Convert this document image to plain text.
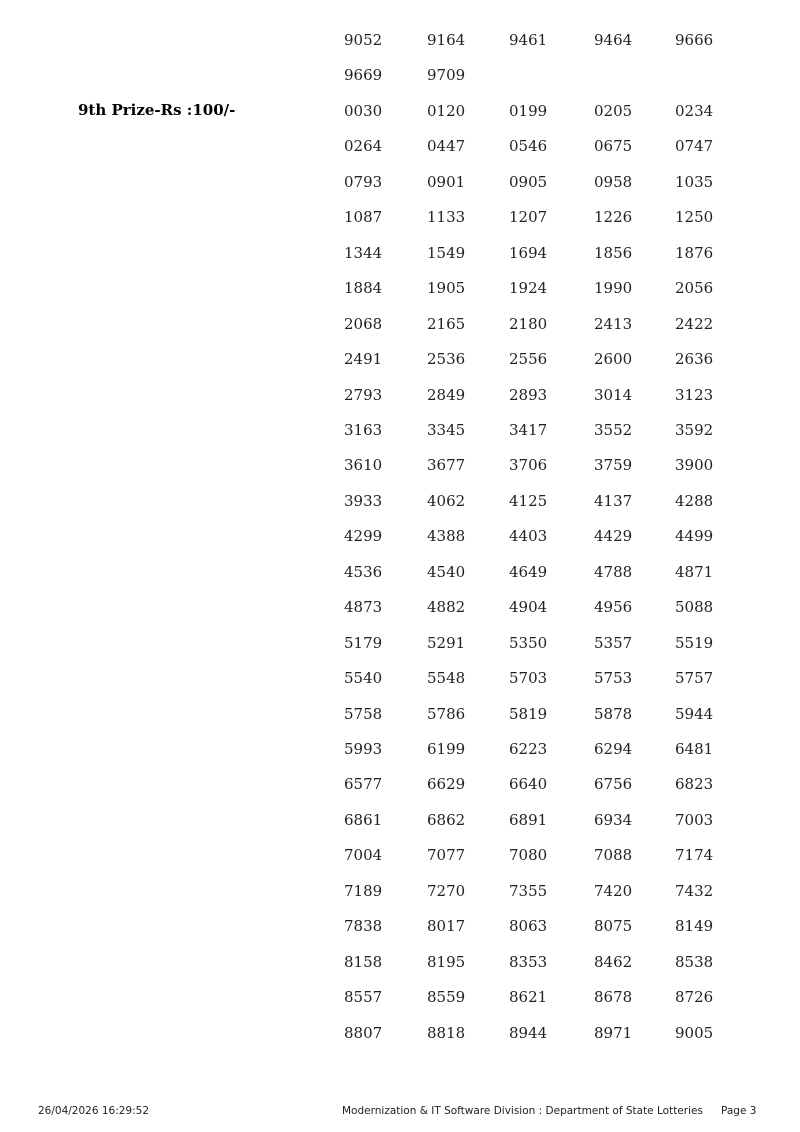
9th Prize-Rs :100/-
9052	9164	9461	9464	9666
9669	9709
0030	0120	0199	0205	0234
0264	0447	0546	0675	0747
0793	0901	0905	0958	1035
1087	1133	1207	1226	1250
1344	1549	1694	1856	1876
1884	1905	1924	1990	2056
2068	2165	2180	2413	2422
2491	2536	2556	2600	2636
2793	2849	2893	3014	3123
3163	3345	3417	3552	3592
3610	3677	3706	3759	3900
3933	4062	4125	4137	4288
4299	4388	4403	4429	4499
4536	4540	4649	4788	4871
4873	4882	4904	4956	5088
5179	5291	5350	5357	5519
5540	5548	5703	5753	5757
5758	5786	5819	5878	5944
5993	6199	6223	6294	6481
6577	6629	6640	6756	6823
6861	6862	6891	6934	7003
7004	7077	7080	7088	7174
7189	7270	7355	7420	7432
7838	8017	8063	8075	8149
8158	8195	8353	8462	8538
8557	8559	8621	8678	8726
8807	8818	8944	8971	9005
26/04/2026 16:29:52	Modernization & IT Software Division : Department of State Lotteries Page 3
